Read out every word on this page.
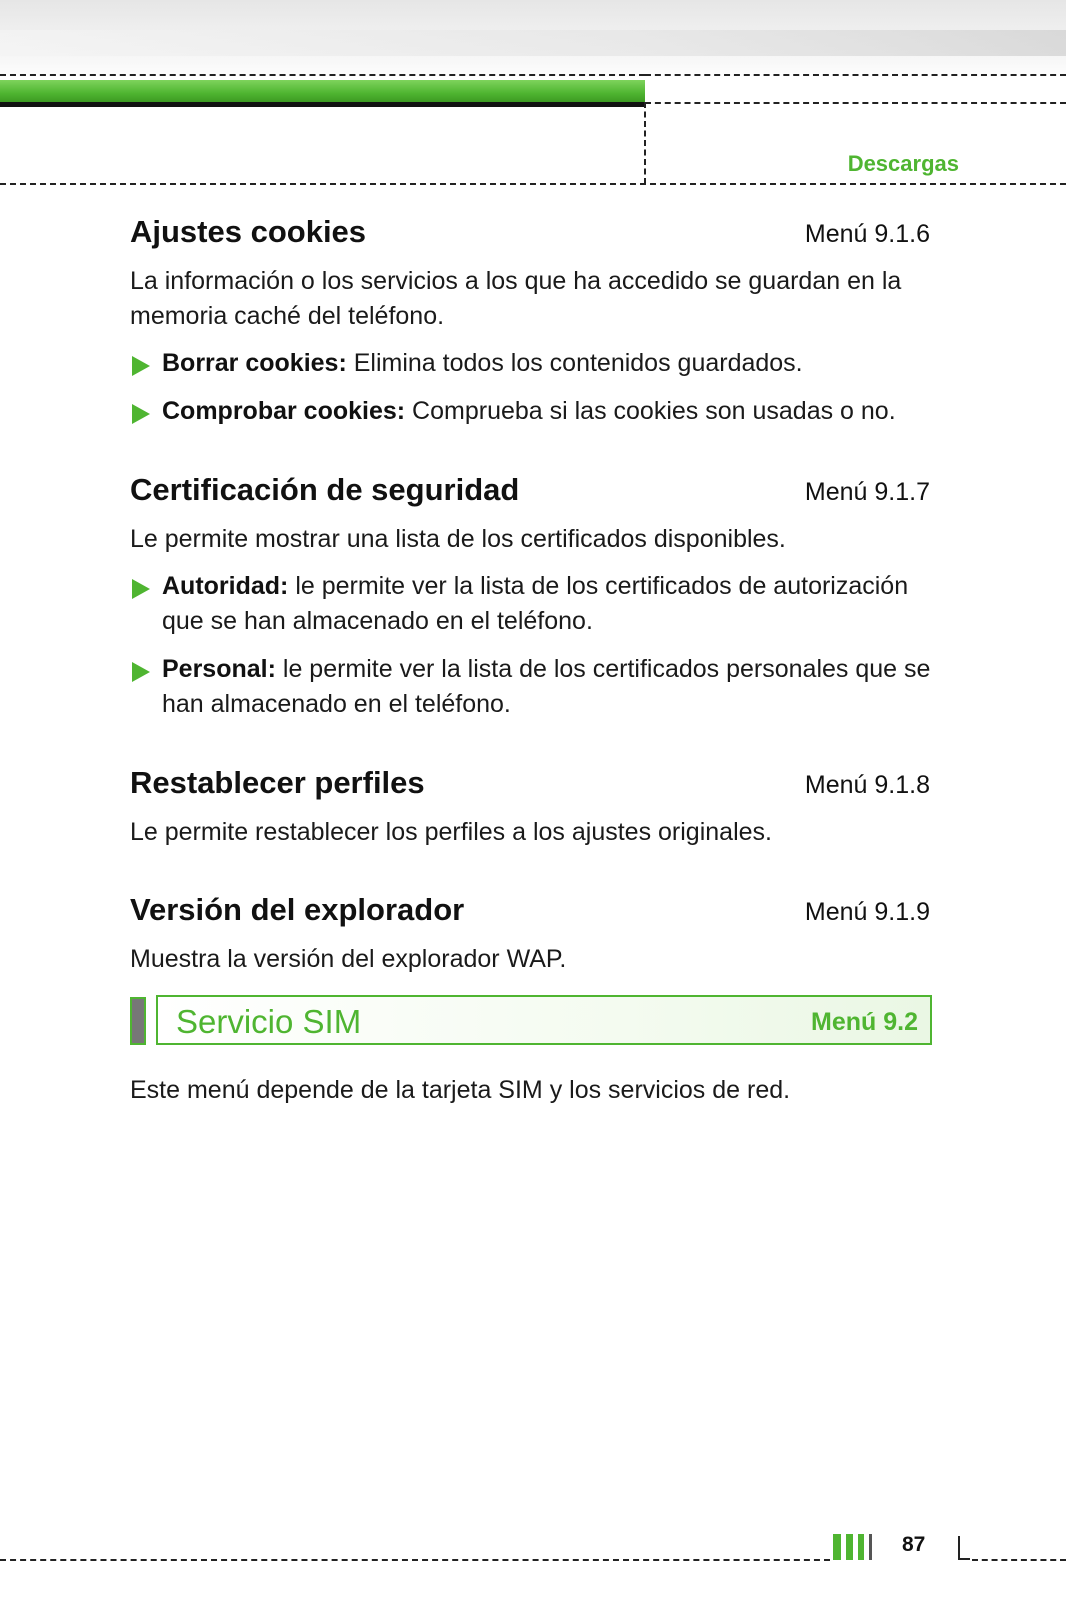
Descargas
Ajustes cookies	Menú 9.1.6

La información o los servicios a los que ha accedido se guardan en la memoria caché del teléfono.

Borrar cookies: Elimina todos los contenidos guardados.
Comprobar cookies: Comprueba si las cookies son usadas o no.
Certificación de seguridad	Menú 9.1.7

Le permite mostrar una lista de los certificados disponibles.

Autoridad: le permite ver la lista de los certificados de autorización que se han almacenado en el teléfono.
Personal: le permite ver la lista de los certificados personales que se han almacenado en el teléfono.
Restablecer perfiles	Menú 9.1.8

Le permite restablecer los perfiles a los ajustes originales.

Versión del explorador	Menú 9.1.9

Muestra la versión del explorador WAP.

Servicio SIM	Menú 9.2

Este menú depende de la tarjeta SIM y los servicios de red.

87
